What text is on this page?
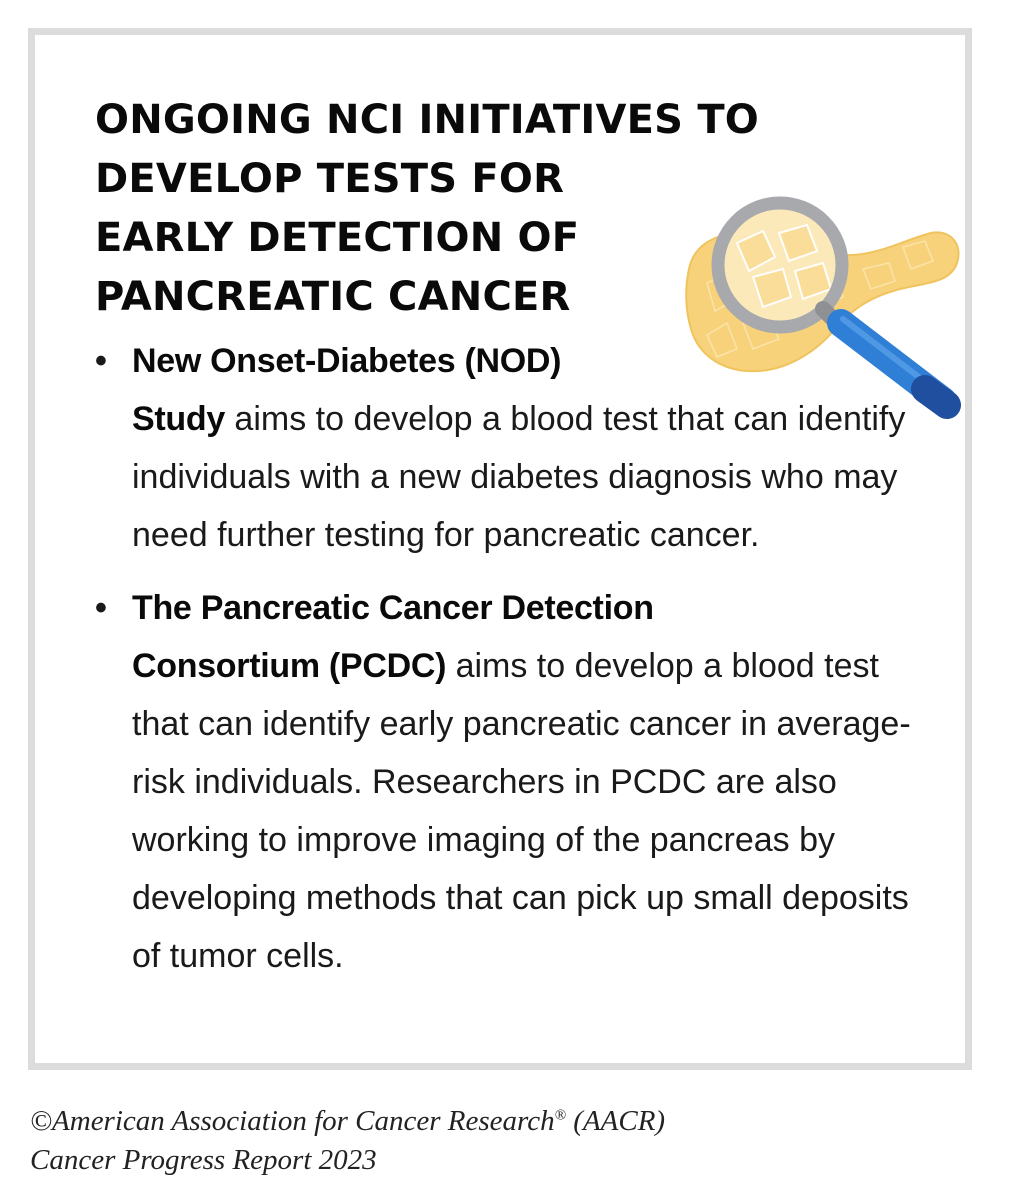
ONGOING NCI INITIATIVES TO
DEVELOP TESTS FOR
EARLY DETECTION OF
PANCREATIC CANCER
• New Onset-Diabetes (NOD)
Study aims to develop a blood test that can identify individuals with a new diabetes diagnosis who may need further testing for pancreatic cancer.
• The Pancreatic Cancer Detection
Consortium (PCDC) aims to develop a blood test that can identify early pancreatic cancer in average-risk individuals. Researchers in PCDC are also working to improve imaging of the pancreas by developing methods that can pick up small deposits of tumor cells.
©American Association for Cancer Research® (AACR)
Cancer Progress Report 2023
